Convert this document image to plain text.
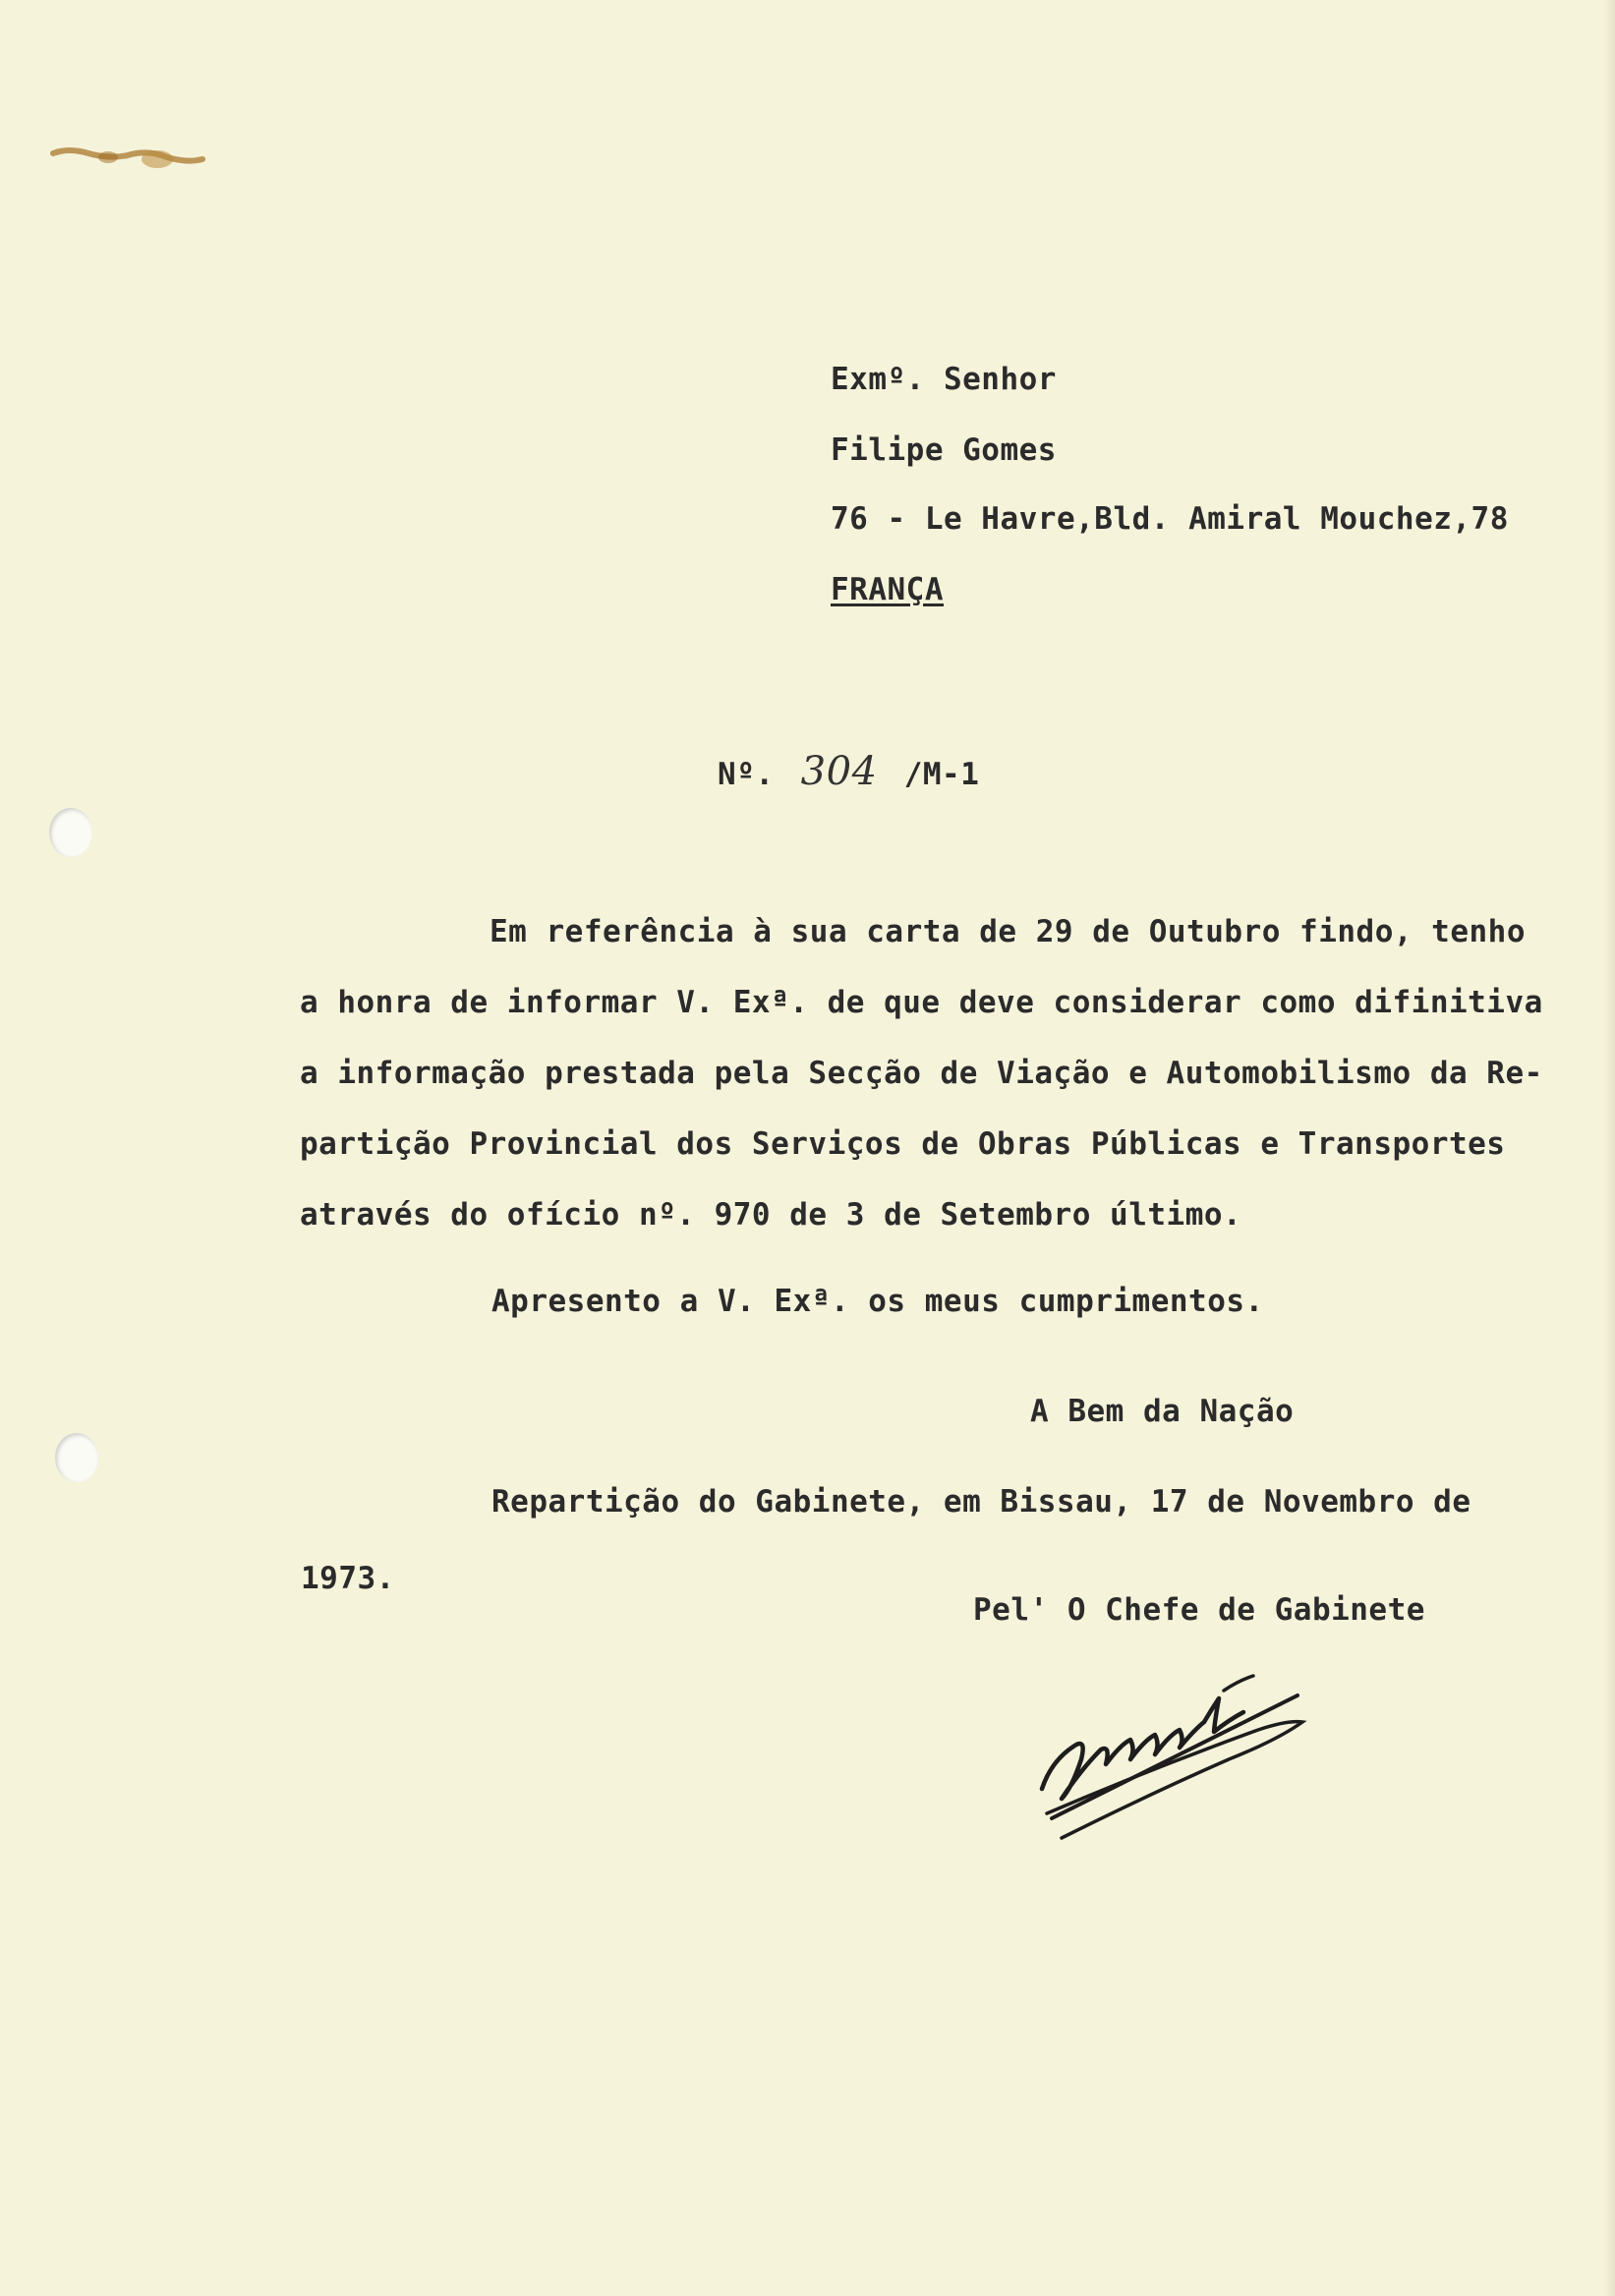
Exmº. Senhor
Filipe Gomes
76 - Le Havre,Bld. Amiral Mouchez,78
FRANÇA
Nº. 304 /M-1
Em referência à sua carta de 29 de Outubro findo, tenho
a honra de informar V. Exª. de que deve considerar como difinitiva
a informação prestada pela Secção de Viação e Automobilismo da Re-
partição Provincial dos Serviços de Obras Públicas e Transportes
através do ofício nº. 970 de 3 de Setembro último.
Apresento a V. Exª. os meus cumprimentos.
A Bem da Nação
Repartição do Gabinete, em Bissau, 17 de Novembro de
1973.
Pel' O Chefe de Gabinete
